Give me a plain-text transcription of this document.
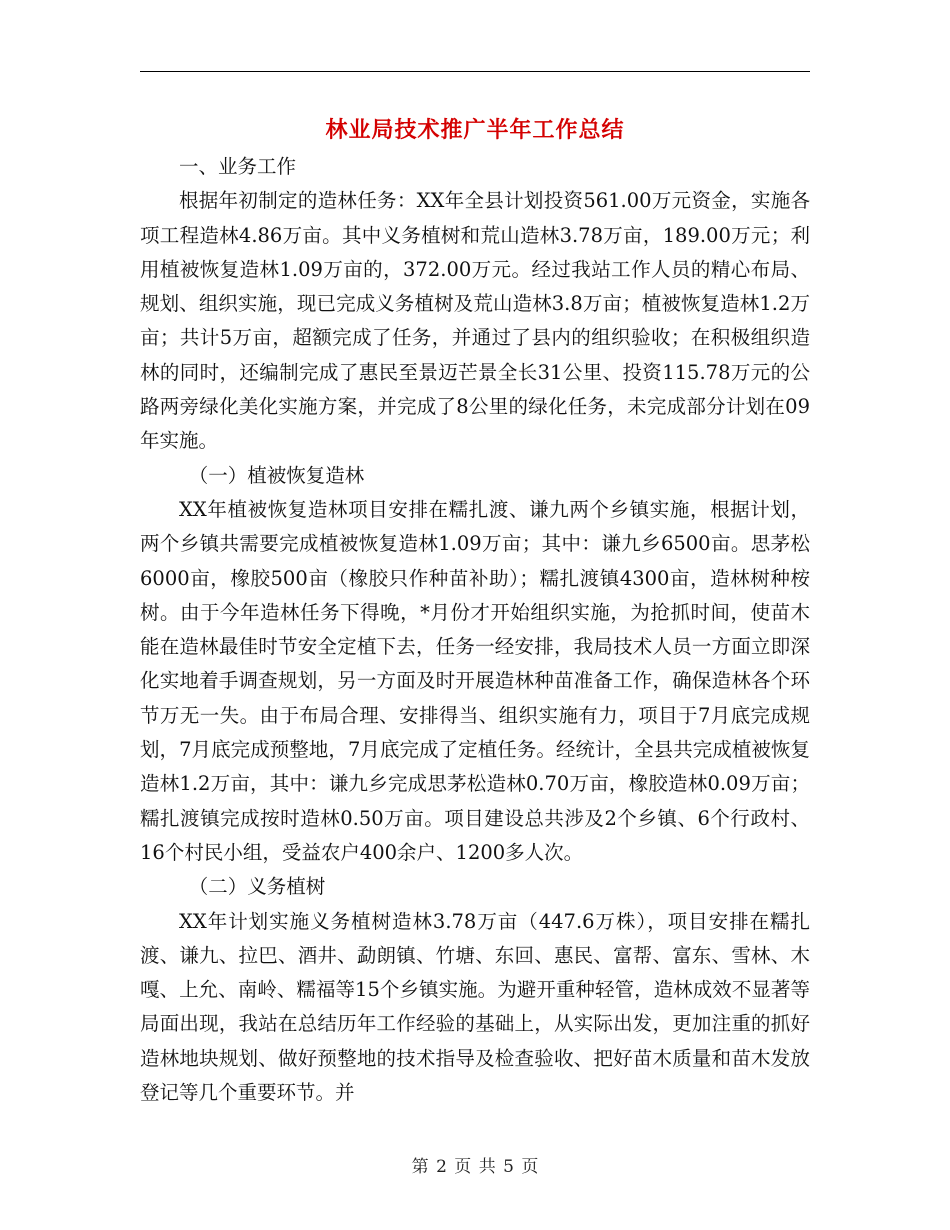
林业局技术推广半年工作总结

一、业务工作

根据年初制定的造林任务：XX年全县计划投资561.00万元资金，实施各项工程造林4.86万亩。其中义务植树和荒山造林3.78万亩，189.00万元；利用植被恢复造林1.09万亩的，372.00万元。经过我站工作人员的精心布局、规划、组织实施，现已完成义务植树及荒山造林3.8万亩；植被恢复造林1.2万亩；共计5万亩，超额完成了任务，并通过了县内的组织验收；在积极组织造林的同时，还编制完成了惠民至景迈芒景全长31公里、投资115.78万元的公路两旁绿化美化实施方案，并完成了8公里的绿化任务，未完成部分计划在09年实施。

（一）植被恢复造林

XX年植被恢复造林项目安排在糯扎渡、谦九两个乡镇实施，根据计划，两个乡镇共需要完成植被恢复造林1.09万亩；其中：谦九乡6500亩。思茅松6000亩，橡胶500亩（橡胶只作种苗补助）；糯扎渡镇4300亩，造林树种桉树。由于今年造林任务下得晚，*月份才开始组织实施，为抢抓时间，使苗木能在造林最佳时节安全定植下去，任务一经安排，我局技术人员一方面立即深化实地着手调查规划，另一方面及时开展造林种苗准备工作，确保造林各个环节万无一失。由于布局合理、安排得当、组织实施有力，项目于7月底完成规划，7月底完成预整地，7月底完成了定植任务。经统计，全县共完成植被恢复造林1.2万亩，其中：谦九乡完成思茅松造林0.70万亩，橡胶造林0.09万亩；糯扎渡镇完成按时造林0.50万亩。项目建设总共涉及2个乡镇、6个行政村、16个村民小组，受益农户400余户、1200多人次。

（二）义务植树

XX年计划实施义务植树造林3.78万亩（447.6万株），项目安排在糯扎渡、谦九、拉巴、酒井、勐朗镇、竹塘、东回、惠民、富帮、富东、雪林、木嘎、上允、南岭、糯福等15个乡镇实施。为避开重种轻管，造林成效不显著等局面出现，我站在总结历年工作经验的基础上，从实际出发，更加注重的抓好造林地块规划、做好预整地的技术指导及检查验收、把好苗木质量和苗木发放登记等几个重要环节。并

第 2 页 共 5 页
